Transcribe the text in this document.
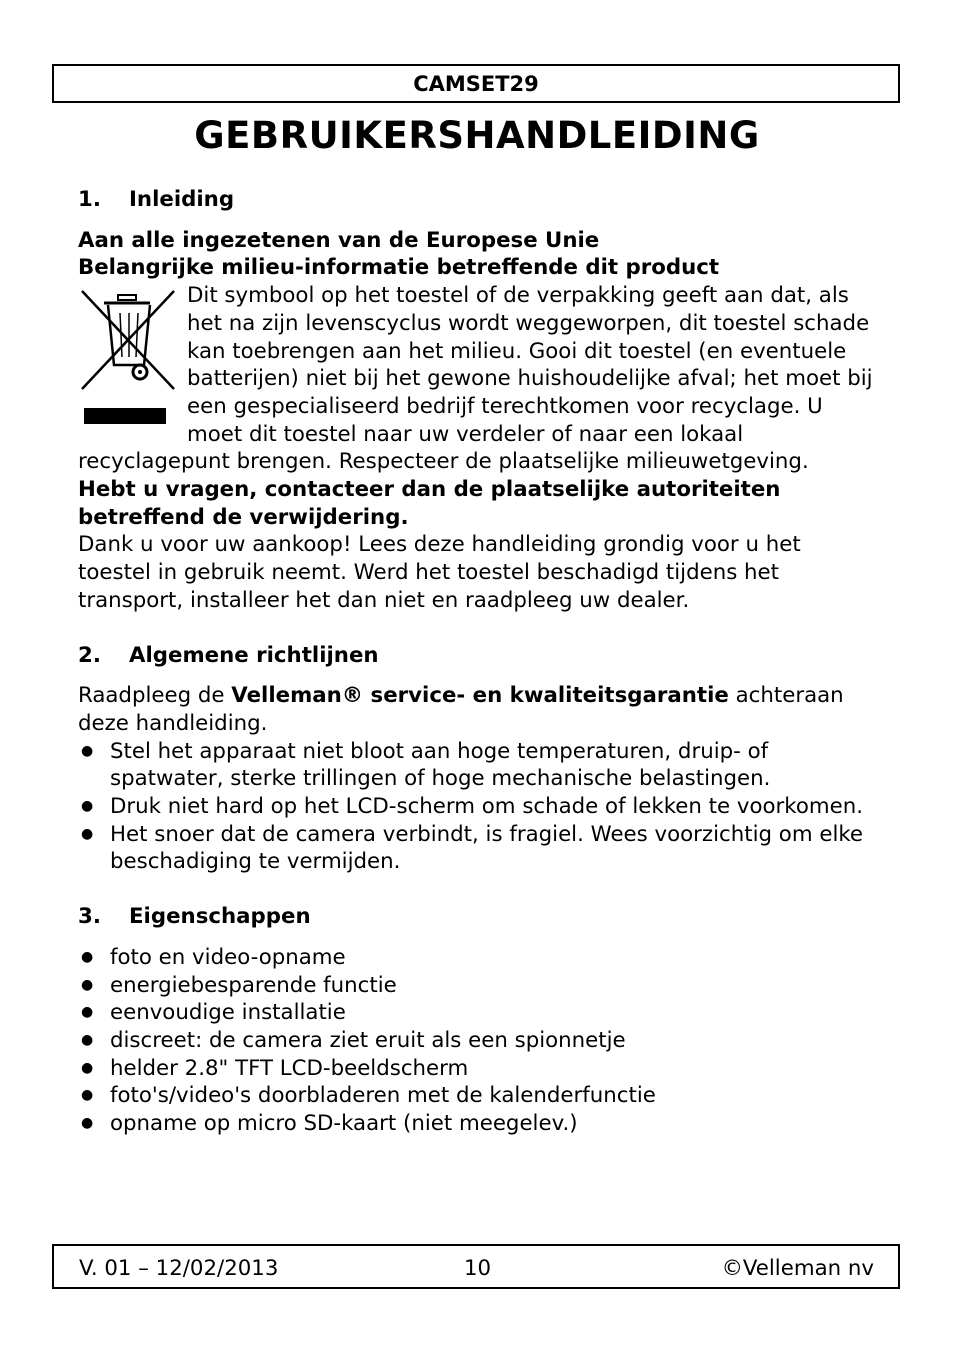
CAMSET29
GEBRUIKERSHANDLEIDING
1.	Inleiding

Aan alle ingezetenen van de Europese Unie

Belangrijke milieu-informatie betreffende dit product

Dit symbool op het toestel of de verpakking geeft aan dat, als het na zijn levenscyclus wordt weggeworpen, dit toestel schade kan toebrengen aan het milieu. Gooi dit toestel (en eventuele batterijen) niet bij het gewone huishoudelijke afval; het moet bij een gespecialiseerd bedrijf terechtkomen voor recyclage. U moet dit toestel naar uw verdeler of naar een lokaal recyclagepunt brengen. Respecteer de plaatselijke milieuwetgeving.

Hebt u vragen, contacteer dan de plaatselijke autoriteiten betreffend de verwijdering.

Dank u voor uw aankoop! Lees deze handleiding grondig voor u het toestel in gebruik neemt. Werd het toestel beschadigd tijdens het transport, installeer het dan niet en raadpleeg uw dealer.

2.	Algemene richtlijnen

Raadpleeg de Velleman® service- en kwaliteitsgarantie achteraan deze handleiding.

● Stel het apparaat niet bloot aan hoge temperaturen, druip- of spatwater, sterke trillingen of hoge mechanische belastingen.
● Druk niet hard op het LCD-scherm om schade of lekken te voorkomen.
● Het snoer dat de camera verbindt, is fragiel. Wees voorzichtig om elke beschadiging te vermijden.
3.	Eigenschappen
● foto en video-opname
● energiebesparende functie
● eenvoudige installatie
● discreet: de camera ziet eruit als een spionnetje
● helder 2.8" TFT LCD-beeldscherm
● foto's/video's doorbladeren met de kalenderfunctie
● opname op micro SD-kaart (niet meegelev.)
V. 01 – 12/02/2013	10	©Velleman nv
